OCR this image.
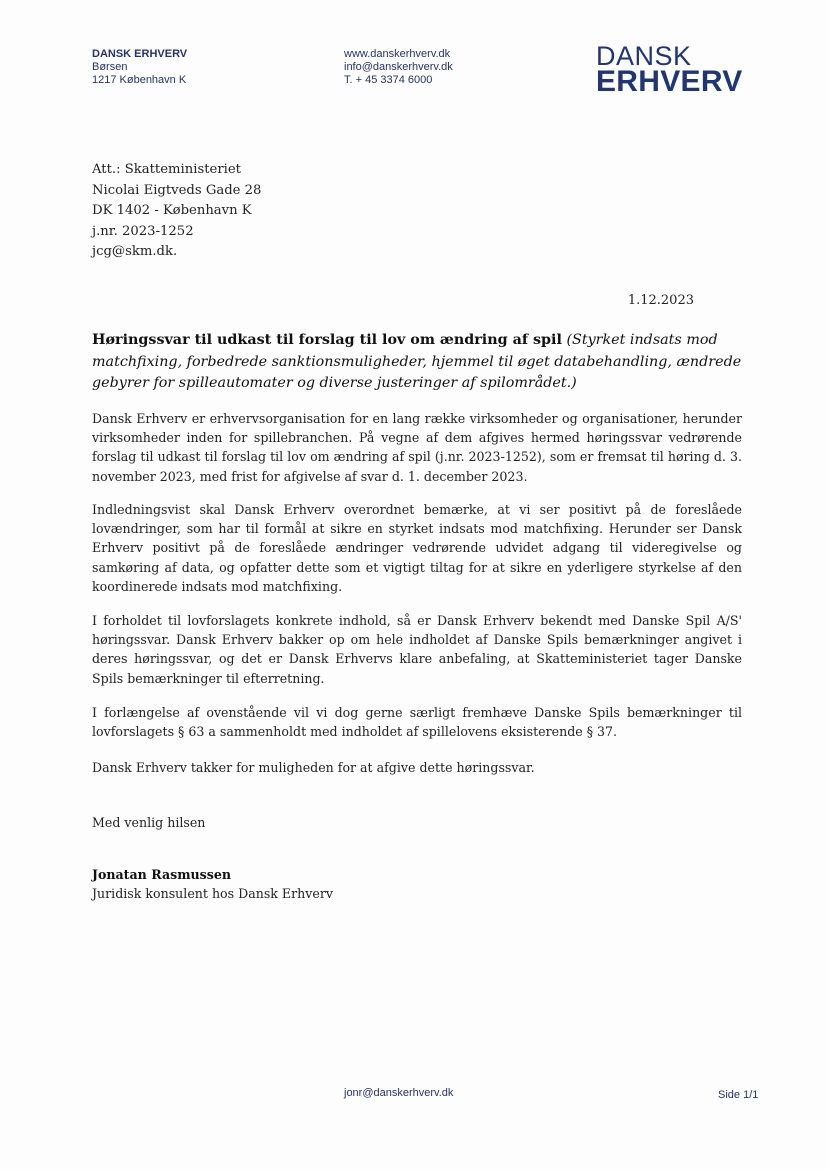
DANSK ERHVERV
Børsen
1217 København K
www.danskerhverv.dk
info@danskerhverv.dk
T. + 45 3374 6000
DANSK
ERHVERV
Att.: Skatteministeriet
Nicolai Eigtveds Gade 28
DK 1402 - København K
j.nr. 2023-1252
jcg@skm.dk.
1.12.2023
Høringssvar til udkast til forslag til lov om ændring af spil (Styrket indsats mod matchfixing, forbedrede sanktionsmuligheder, hjemmel til øget databehandling, ændrede gebyrer for spilleautomater og diverse justeringer af spilområdet.)
Dansk Erhverv er erhvervsorganisation for en lang række virksomheder og organisationer, herunder virksomheder inden for spillebranchen. På vegne af dem afgives hermed høringssvar vedrørende forslag til udkast til forslag til lov om ændring af spil (j.nr. 2023-1252), som er fremsat til høring d. 3. november 2023, med frist for afgivelse af svar d. 1. december 2023.
Indledningsvist skal Dansk Erhverv overordnet bemærke, at vi ser positivt på de foreslåede lovændringer, som har til formål at sikre en styrket indsats mod matchfixing. Herunder ser Dansk Erhverv positivt på de foreslåede ændringer vedrørende udvidet adgang til videregivelse og samkøring af data, og opfatter dette som et vigtigt tiltag for at sikre en yderligere styrkelse af den koordinerede indsats mod matchfixing.
I forholdet til lovforslagets konkrete indhold, så er Dansk Erhverv bekendt med Danske Spil A/S' høringssvar. Dansk Erhverv bakker op om hele indholdet af Danske Spils bemærkninger angivet i deres høringssvar, og det er Dansk Erhvervs klare anbefaling, at Skatteministeriet tager Danske Spils bemærkninger til efterretning.
I forlængelse af ovenstående vil vi dog gerne særligt fremhæve Danske Spils bemærkninger til lovforslagets § 63 a sammenholdt med indholdet af spillelovens eksisterende § 37.
Dansk Erhverv takker for muligheden for at afgive dette høringssvar.
Med venlig hilsen
Jonatan Rasmussen
Juridisk konsulent hos Dansk Erhverv
jonr@danskerhverv.dk	Side 1/1
